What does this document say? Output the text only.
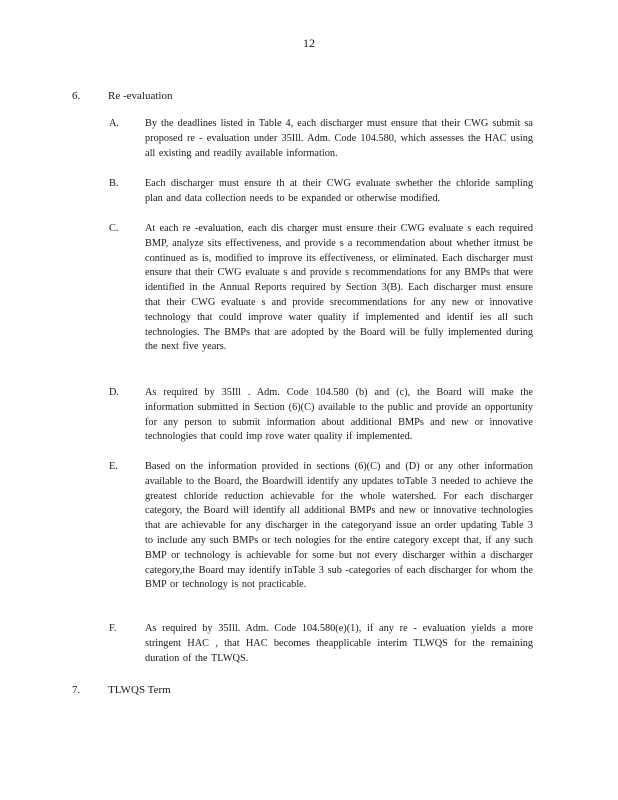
12
6.	Re -evaluation
A.	By the deadlines listed in Table 4, each discharger must ensure that their CWG submit sa proposed re - evaluation under 35Ill. Adm. Code 104.580, which assesses the HAC using all existing and readily available information.
B.	Each discharger must ensure th at their CWG evaluate swhether the chloride sampling plan and data collection needs to be expanded or otherwise modified.
C.	At each re -evaluation, each dis charger must ensure their CWG evaluate s each required BMP, analyze sits effectiveness, and provide s a recommendation about whether itmust be continued as is, modified to improve its effectiveness, or eliminated. Each discharger must ensure that their CWG evaluate s and provide s recommendations for any BMPs that were identified in the Annual Reports required by Section 3(B). Each discharger must ensure that their CWG evaluate s and provide srecommendations for any new or innovative technology that could improve water quality if implemented and identif ies all such technologies. The BMPs that are adopted by the Board will be fully implemented during the next five years.
D.	As required by 35Ill . Adm. Code 104.580 (b) and (c), the Board will make the information submitted in Section (6)(C) available to the public and provide an opportunity for any person to submit information about additional BMPs and new or innovative technologies that could imp rove water quality if implemented.
E.	Based on the information provided in sections (6)(C) and (D) or any other information available to the Board, the Boardwill identify any updates toTable 3 needed to achieve the greatest chloride reduction achievable for the whole watershed. For each discharger category, the Board will identify all additional BMPs and new or innovative technologies that are achievable for any discharger in the categoryand issue an order updating Table 3 to include any such BMPs or tech nologies for the entire category except that, if any such BMP or technology is achievable for some but not every discharger within a discharger category,the Board may identify inTable 3 sub -categories of each discharger for whom the BMP or technology is not practicable.
F.	As required by 35Ill. Adm. Code 104.580(e)(1), if any re - evaluation yields a more stringent HAC , that HAC becomes theapplicable interim TLWQS for the remaining duration of the TLWQS.
7.	TLWQS Term
